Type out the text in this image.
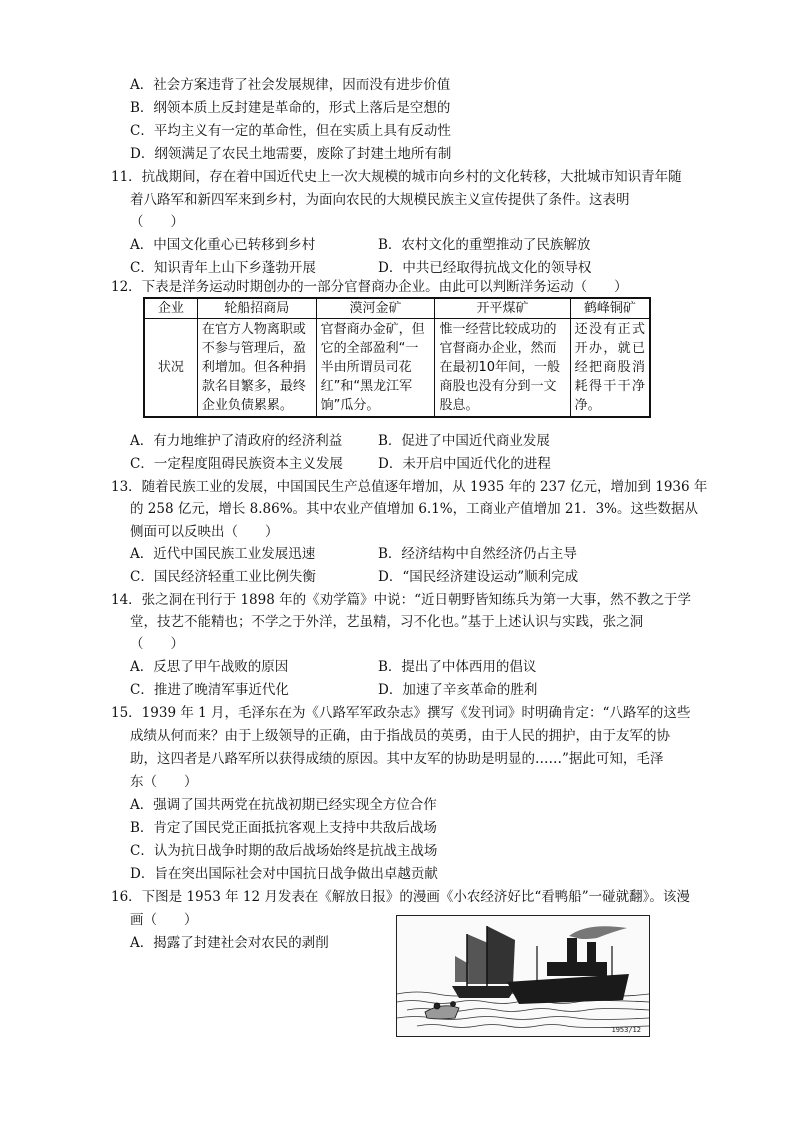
A．社会方案违背了社会发展规律，因而没有进步价值
B．纲领本质上反封建是革命的，形式上落后是空想的
C．平均主义有一定的革命性，但在实质上具有反动性
D．纲领满足了农民土地需要，废除了封建土地所有制
11．抗战期间，存在着中国近代史上一次大规模的城市向乡村的文化转移，大批城市知识青年随
着八路军和新四军来到乡村，为面向农民的大规模民族主义宣传提供了条件。这表明
（　　）
A．中国文化重心已转移到乡村	B．农村文化的重塑推动了民族解放
C．知识青年上山下乡蓬勃开展	D．中共已经取得抗战文化的领导权
12．下表是洋务运动时期创办的一部分官督商办企业。由此可以判断洋务运动（　　）
企业	轮船招商局	漠河金矿	开平煤矿	鹤峰铜矿
状况	在官方人物离职或不参与管理后，盈利增加。但各种捐款名目繁多，最终企业负债累累。	官督商办金矿，但它的全部盈利“一半由所谓员司花红”和“黑龙江军饷”瓜分。	惟一经营比较成功的官督商办企业，然而在最初10年间，一般商股也没有分到一文股息。	还没有正式开办，就已经把商股消耗得干干净净。
A．有力地维护了清政府的经济利益	B．促进了中国近代商业发展
C．一定程度阻碍民族资本主义发展	D．未开启中国近代化的进程
13．随着民族工业的发展，中国国民生产总值逐年增加，从 1935 年的 237 亿元，增加到 1936 年
的 258 亿元，增长 8.86%。其中农业产值增加 6.1%，工商业产值增加 21．3%。这些数据从
侧面可以反映出（　　）
A．近代中国民族工业发展迅速	B．经济结构中自然经济仍占主导
C．国民经济轻重工业比例失衡	D．“国民经济建设运动”顺利完成
14．张之洞在刊行于 1898 年的《劝学篇》中说：“近日朝野皆知练兵为第一大事，然不教之于学
堂，技艺不能精也；不学之于外洋，艺虽精，习不化也。”基于上述认识与实践，张之洞
（　　）
A．反思了甲午战败的原因	B．提出了中体西用的倡议
C．推进了晚清军事近代化	D．加速了辛亥革命的胜利
15．1939 年 1 月，毛泽东在为《八路军军政杂志》撰写《发刊词》时明确肯定：“八路军的这些
成绩从何而来？由于上级领导的正确，由于指战员的英勇，由于人民的拥护，由于友军的协
助，这四者是八路军所以获得成绩的原因。其中友军的协助是明显的……”据此可知，毛泽
东（　　）
A．强调了国共两党在抗战初期已经实现全方位合作
B．肯定了国民党正面抵抗客观上支持中共敌后战场
C．认为抗日战争时期的敌后战场始终是抗战主战场
D．旨在突出国际社会对中国抗日战争做出卓越贡献
16．下图是 1953 年 12 月发表在《解放日报》的漫画《小农经济好比“看鸭船”一碰就翻》。该漫
画（　　）
A．揭露了封建社会对农民的剥削
1953/12
